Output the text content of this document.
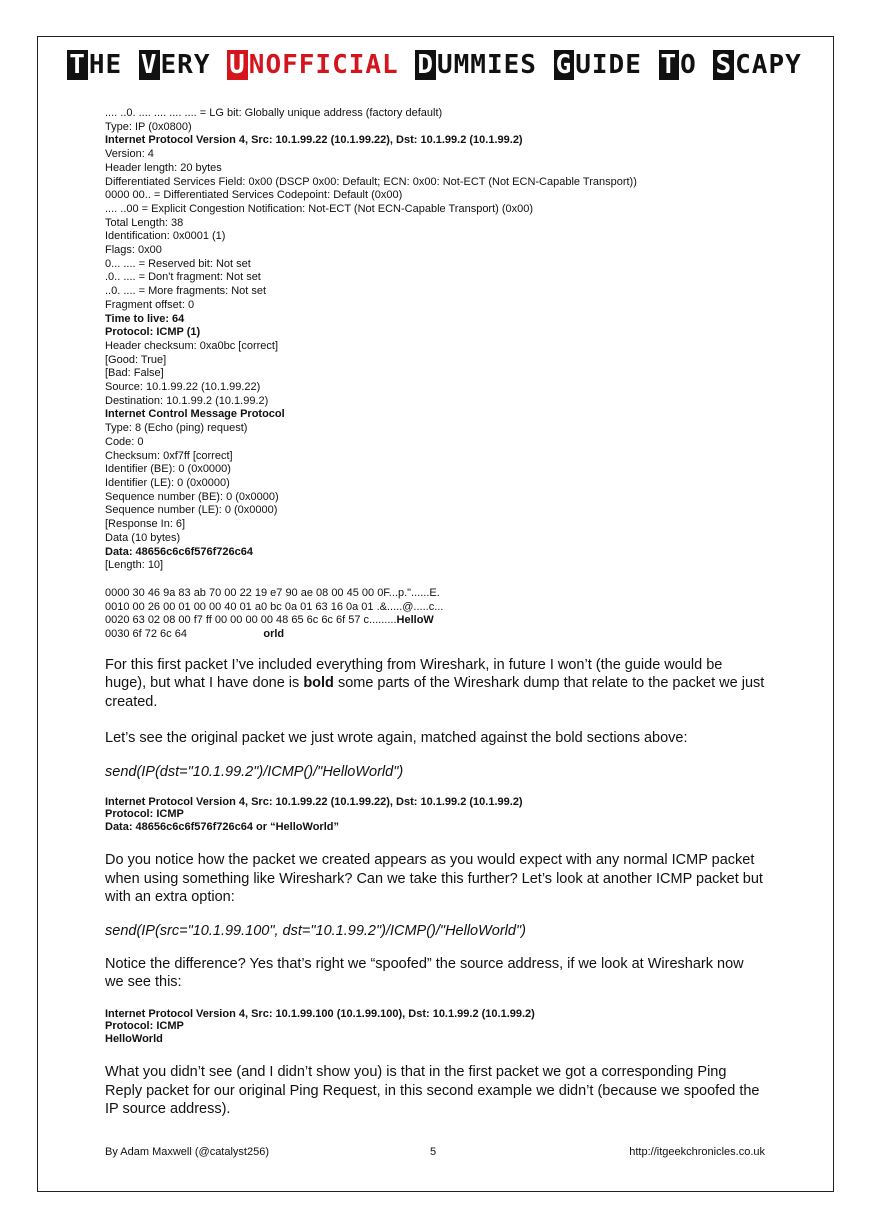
T HE V ERY U NOFFICIAL D UMMIES G UIDE T O S CAPY
.... ..0. .... .... .... .... = LG bit: Globally unique address (factory default)
Type: IP (0x0800)
Internet Protocol Version 4, Src: 10.1.99.22 (10.1.99.22), Dst: 10.1.99.2 (10.1.99.2)
Version: 4
Header length: 20 bytes
Differentiated Services Field: 0x00 (DSCP 0x00: Default; ECN: 0x00: Not-ECT (Not ECN-Capable Transport))
0000 00.. = Differentiated Services Codepoint: Default (0x00)
.... ..00 = Explicit Congestion Notification: Not-ECT (Not ECN-Capable Transport) (0x00)
Total Length: 38
Identification: 0x0001 (1)
Flags: 0x00
0... .... = Reserved bit: Not set
.0.. .... = Don't fragment: Not set
..0. .... = More fragments: Not set
Fragment offset: 0
Time to live: 64
Protocol: ICMP (1)
Header checksum: 0xa0bc [correct]
[Good: True]
[Bad: False]
Source: 10.1.99.22 (10.1.99.22)
Destination: 10.1.99.2 (10.1.99.2)
Internet Control Message Protocol
Type: 8 (Echo (ping) request)
Code: 0
Checksum: 0xf7ff [correct]
Identifier (BE): 0 (0x0000)
Identifier (LE): 0 (0x0000)
Sequence number (BE): 0 (0x0000)
Sequence number (LE): 0 (0x0000)
[Response In: 6]
Data (10 bytes)
Data: 48656c6c6f576f726c64
[Length: 10]
0000 30 46 9a 83 ab 70 00 22 19 e7 90 ae 08 00 45 00 0F...p."......E.
0010 00 26 00 01 00 00 40 01 a0 bc 0a 01 63 16 0a 01 .&.....@.....c...
0020 63 02 08 00 f7 ff 00 00 00 00 48 65 6c 6c 6f 57 c.........HelloW
0030 6f 72 6c 64                         orld
For this first packet I’ve included everything from Wireshark, in future I won’t (the guide would be huge), but what I have done is bold some parts of the Wireshark dump that relate to the packet we just created.
Let’s see the original packet we just wrote again, matched against the bold sections above:
send(IP(dst="10.1.99.2")/ICMP()/"HelloWorld")
Internet Protocol Version 4, Src: 10.1.99.22 (10.1.99.22), Dst: 10.1.99.2 (10.1.99.2)
Protocol: ICMP
Data: 48656c6c6f576f726c64 or “HelloWorld”
Do you notice how the packet we created appears as you would expect with any normal ICMP packet when using something like Wireshark? Can we take this further? Let’s look at another ICMP packet but with an extra option:
send(IP(src="10.1.99.100", dst="10.1.99.2")/ICMP()/"HelloWorld")
Notice the difference? Yes that’s right we “spoofed” the source address, if we look at Wireshark now we see this:
Internet Protocol Version 4, Src: 10.1.99.100 (10.1.99.100), Dst: 10.1.99.2 (10.1.99.2)
Protocol: ICMP
HelloWorld
What you didn’t see (and I didn’t show you) is that in the first packet we got a corresponding Ping Reply packet for our original Ping Request, in this second example we didn’t (because we spoofed the IP source address).
By Adam Maxwell (@catalyst256)	5	http://itgeekchronicles.co.uk
